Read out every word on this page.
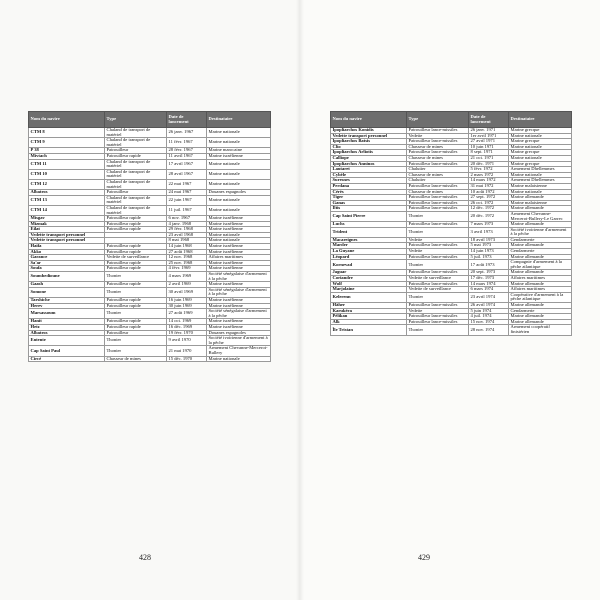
Nom du navire	Type	Date de lancement	Destinataire
CTM 8	Chaland de transport de matériel	26 janv. 1967	Marine nationale
CTM 9	Chaland de transport de matériel	11 févr. 1967	Marine nationale
P 38	Patrouilleur	28 févr. 1967	Marine marocaine
Mivtach	Patrouilleur rapide	11 avril 1967	Marine israélienne
CTM 11	Chaland de transport de matériel	17 avril 1967	Marine nationale
CTM 10	Chaland de transport de matériel	28 avril 1967	Marine nationale
CTM 12	Chaland de transport de matériel	22 mai 1967	Marine nationale
Albatros	Patrouilleur	24 mai 1967	Douanes espagnoles
CTM 13	Chaland de transport de matériel	22 juin 1967	Marine nationale
CTM 14	Chaland de transport de matériel	11 juil. 1967	Marine nationale
Misgav	Patrouilleur rapide	6 nov. 1967	Marine israélienne
Mizmak	Patrouilleur rapide	4 janv. 1968	Marine israélienne
Eilat	Patrouilleur rapide	29 févr. 1968	Marine israélienne
Vedette transport personnel		23 avril 1968	Marine nationale
Vedette transport personnel		8 mai 1968	Marine nationale
Haifa	Patrouilleur rapide	14 juin 1968	Marine israélienne
Akko	Patrouilleur rapide	27 août 1968	Marine israélienne
Garance	Vedette de surveillance	12 nov. 1968	Affaires maritimes
Sa'ar	Patrouilleur rapide	25 nov. 1968	Marine israélienne
Soufa	Patrouilleur rapide	4 févr. 1969	Marine israélienne
Soumbedioune	Thonier	4 mars 1969	Société sénégalaise d'armement à la pêche
Gaash	Patrouilleur rapide	2 avril 1969	Marine israélienne
Somone	Thonier	30 avril 1969	Société sénégalaise d'armement à la pêche
Tarshiche	Patrouilleur rapide	16 juin 1969	Marine israélienne
Herev	Patrouilleur rapide	30 juin 1969	Marine israélienne
Marsassoum	Thonier	27 août 1969	Société sénégalaise d'armement à la pêche
Hanit	Patrouilleur rapide	14 oct. 1969	Marine israélienne
Hetz	Patrouilleur rapide	16 déc. 1969	Marine israélienne
Albatros	Patrouilleur	19 févr. 1970	Douanes espagnoles
Entente	Thonier	9 avril 1970	Société ivoirienne d'armement à la pêche
Cap Saint Paul	Thonier	21 mai 1970	Armement Chevanne-Mercerot-Bullery
Circé	Chasseur de mines	15 déc. 1970	Marine nationale
428
Nom du navire	Type	Date de lancement	Destinataire
Ipopliarchos Konidis	Patrouilleur lance-missiles	26 janv. 1971	Marine grecque
Vedette transport personnel	Vedette	1er avril 1971	Marine nationale
Ipopliarchos Batsis	Patrouilleur lance-missiles	27 avril 1971	Marine grecque
Clio	Chasseur de mines	10 juin 1971	Marine nationale
Ipopliarchos Arliotis	Patrouilleur lance-missiles	8 sept. 1971	Marine grecque
Calliope	Chasseur de mines	21 oct. 1971	Marine nationale
Ipopliarchos Anninos	Patrouilleur lance-missiles	20 déc. 1971	Marine grecque
Lautaret	Chalutier	5 févr. 1972	Armement Dhellemmes
Cybèle	Chasseur de mines	2 mars 1972	Marine nationale
Suresnes	Chalutier	14 mars 1972	Armement Dhellemmes
Perdana	Patrouilleur lance-missiles	31 mai 1972	Marine malaisienne
Cérès	Chasseur de mines	10 août 1972	Marine nationale
Tiger	Patrouilleur lance-missiles	27 sept. 1972	Marine allemande
Ganas	Patrouilleur lance-missiles	26 oct. 1972	Marine malaisienne
Iltis	Patrouilleur lance-missiles	12 déc. 1972	Marine allemande
Cap Saint Pierre	Thonier	20 déc. 1972	Armement Chevanne-Mercerot-Bullery-Le Garrec
Luchs	Patrouilleur lance-missiles	7 mars 1973	Marine allemande
Trident	Thonier	3 avril 1973	Société ivoirienne d'armement à la pêche
Macareignes	Vedette	18 avril 1973	Gendarmerie
Marder	Patrouilleur lance-missiles	5 mai 1973	Marine allemande
La Guyane	Vedette	14 juin 1973	Gendarmerie
Léopard	Patrouilleur lance-missiles	5 juil. 1973	Marine allemande
Kornevad	Thonier	17 août 1973	Compagnie d'armement à la pêche atlantique
Jaguar	Patrouilleur lance-missiles	20 sept. 1973	Marine allemande
Coriandre	Vedette de surveillance	17 déc. 1973	Affaires maritimes
Wolf	Patrouilleur lance-missiles	14 mars 1974	Marine allemande
Marjolaine	Vedette de surveillance	6 mars 1974	Affaires maritimes
Kelerenn	Thonier	23 avril 1974	Coopérative d'armement à la pêche atlantique
Häher	Patrouilleur lance-missiles	26 avril 1974	Marine allemande
Karukéra	Vedette	5 juin 1974	Gendarmerie
Pélikan	Patrouilleur lance-missiles	4 juil. 1974	Marine allemande
Alk	Patrouilleur lance-missiles	15 nov. 1974	Marine allemande
Île Tristan	Thonier	28 nov. 1974	Armement coopératif finistérien
429
